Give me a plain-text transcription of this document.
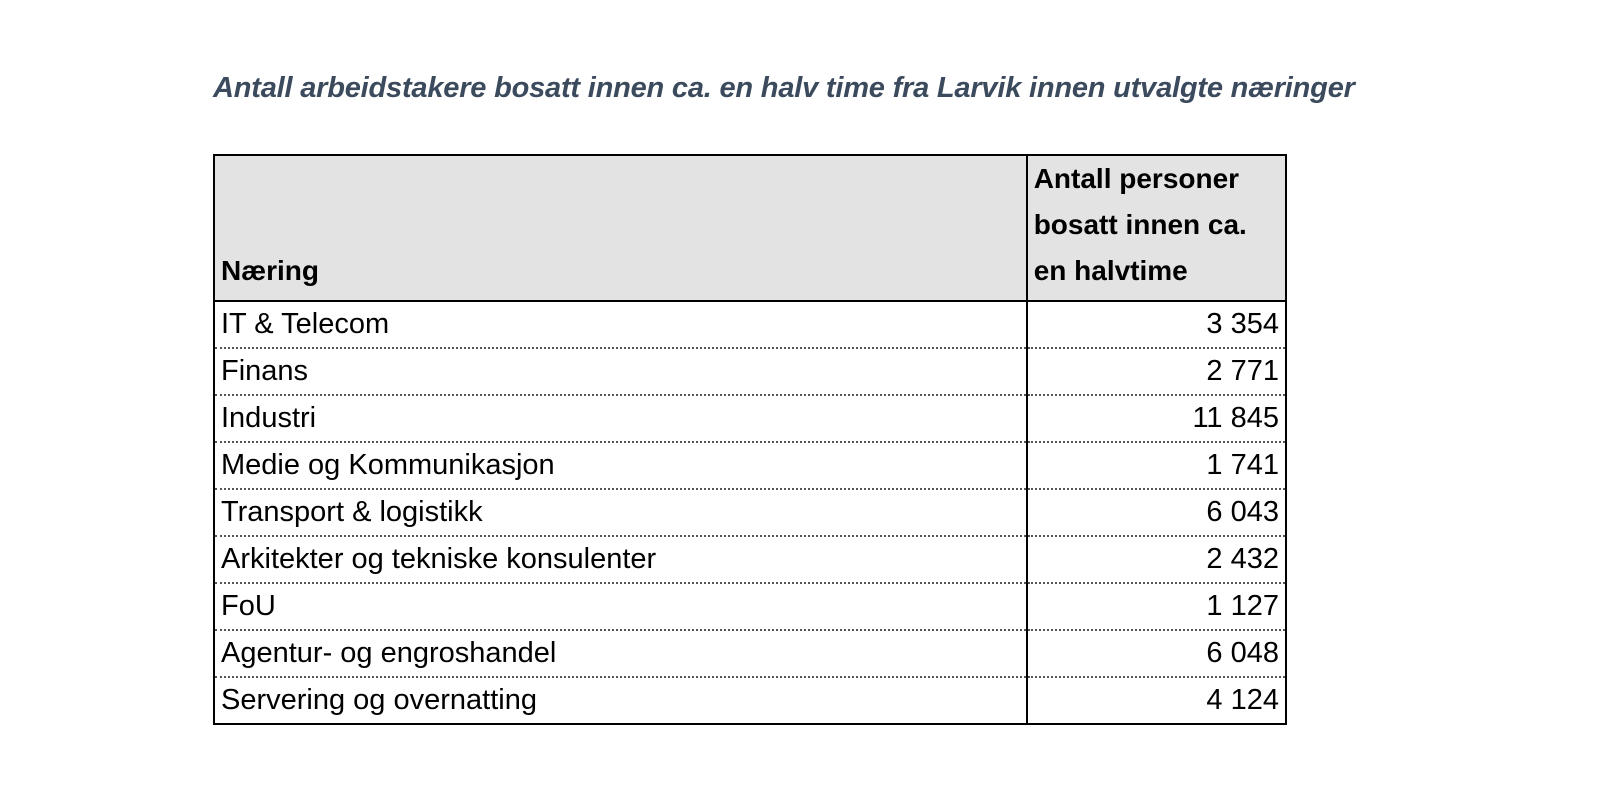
Antall arbeidstakere bosatt innen ca. en halv time fra Larvik innen utvalgte næringer
Næring	Antall personer
bosatt innen ca.
en halvtime

IT & Telecom	3 354
Finans	2 771
Industri	11 845
Medie og Kommunikasjon	1 741
Transport & logistikk	6 043
Arkitekter og tekniske konsulenter	2 432
FoU	1 127
Agentur- og engroshandel	6 048
Servering og overnatting	4 124
